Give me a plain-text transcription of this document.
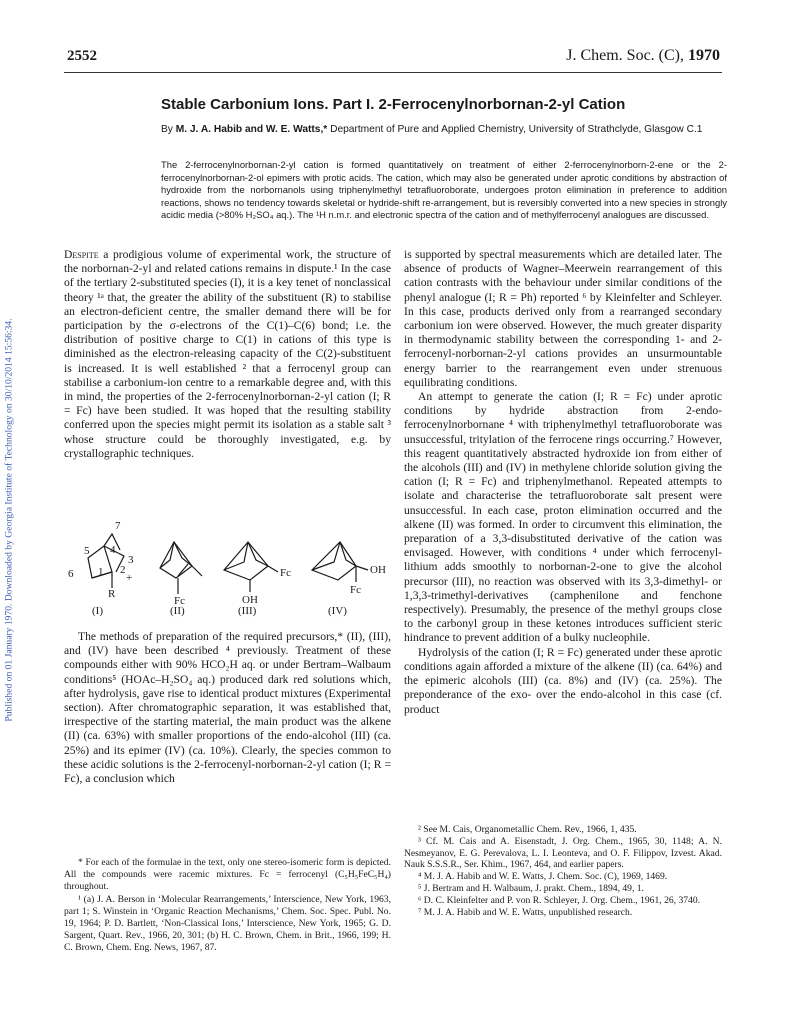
2552	J. Chem. Soc. (C), 1970
Published on 01 January 1970. Downloaded by Georgia Institute of Technology on 30/10/2014 15:56:34.
Stable Carbonium Ions. Part I. 2-Ferrocenylnorbornan-2-yl Cation
By M. J. A. Habib and W. E. Watts,* Department of Pure and Applied Chemistry, University of Strathclyde, Glasgow C.1
The 2-ferrocenylnorbornan-2-yl cation is formed quantitatively on treatment of either 2-ferrocenylnorborn-2-ene or the 2-ferrocenylnorbornan-2-ol epimers with protic acids. The cation, which may also be generated under aprotic conditions by abstraction of hydroxide from the norbornanols using triphenylmethyl tetrafluoroborate, undergoes proton elimination in preference to addition reactions, shows no tendency towards skeletal or hydride-shift re-arrangement, but is reversibly converted into a new species in strongly acidic media (>80% H₂SO₄ aq.). The ¹H n.m.r. and electronic spectra of the cation and of methylferrocenyl analogues are discussed.

Despite a prodigious volume of experimental work, the structure of the norbornan-2-yl and related cations remains in dispute.¹ In the case of the tertiary 2-substituted species (I), it is a key tenet of nonclassical theory ¹ᵃ that, the greater the ability of the substituent (R) to stabilise an electron-deficient centre, the smaller demand there will be for participation by the σ-electrons of the C(1)–C(6) bond; i.e. the distribution of positive charge to C(1) in cations of this type is diminished as the electron-releasing capacity of the C(2)-substituent is increased. It is well established ² that a ferrocenyl group can stabilise a carbonium-ion centre to a remarkable degree and, with this in mind, the properties of the 2-ferrocenylnorbornan-2-yl cation (I; R = Fc) have been studied. It was hoped that the resulting stability conferred upon the species might permit its isolation as a stable salt ³ whose structure could be thoroughly investigated, e.g. by crystallographic techniques.

7
5 4
3
6 1 2
+
R
Fc
Fc
OH
Fc
OH
(I)	(II)	(III)	(IV)

The methods of preparation of the required precursors,* (II), (III), and (IV) have been described ⁴ previously. Treatment of these compounds either with 90% HCO₂H aq. or under Bertram–Walbaum conditions⁵ (HOAc–H₂SO₄ aq.) produced dark red solutions which, after hydrolysis, gave rise to identical product mixtures (Experimental section). After chromatographic separation, it was established that, irrespective of the starting material, the main product was the alkene (II) (ca. 63%) with smaller proportions of the endo-alcohol (III) (ca. 25%) and its epimer (IV) (ca. 10%). Clearly, the species common to these acidic solutions is the 2-ferrocenyl-norbornan-2-yl cation (I; R = Fc), a conclusion which

* For each of the formulae in the text, only one stereo-isomeric form is depicted. All the compounds were racemic mixtures. Fc = ferrocenyl (C₅H₅FeC₅H₄) throughout.

¹ (a) J. A. Berson in ‘Molecular Rearrangements,’ Interscience, New York, 1963, part 1; S. Winstein in ‘Organic Reaction Mechanisms,’ Chem. Soc. Spec. Publ. No. 19, 1964; P. D. Bartlett, ‘Non-Classical Ions,’ Interscience, New York, 1965; G. D. Sargent, Quart. Rev., 1966, 20, 301; (b) H. C. Brown, Chem. in Brit., 1966, 199; H. C. Brown, Chem. Eng. News, 1967, 87.

is supported by spectral measurements which are detailed later. The absence of products of Wagner–Meerwein rearrangement of this cation contrasts with the behaviour under similar conditions of the phenyl analogue (I; R = Ph) reported ⁶ by Kleinfelter and Schleyer. In this case, products derived only from a rearranged secondary carbonium ion were observed. However, the much greater disparity in thermodynamic stability between the corresponding 1- and 2-ferrocenyl-norbornan-2-yl cations provides an unsurmountable energy barrier to the rearrangement even under strenuous equilibrating conditions.

An attempt to generate the cation (I; R = Fc) under aprotic conditions by hydride abstraction from 2-endo-ferrocenylnorbornane ⁴ with triphenylmethyl tetrafluoroborate was unsuccessful, tritylation of the ferrocene rings occurring.⁷ However, this reagent quantitatively abstracted hydroxide ion from either of the alcohols (III) and (IV) in methylene chloride solution giving the cation (I; R = Fc) and triphenylmethanol. Repeated attempts to isolate and characterise the tetrafluoroborate salt present were unsuccessful. In each case, proton elimination occurred and the alkene (II) was formed. In order to circumvent this elimination, the preparation of a 3,3-disubstituted derivative of the cation was envisaged. However, with conditions ⁴ under which ferrocenyl-lithium adds smoothly to norbornan-2-one to give the alcohol precursor (III), no reaction was observed with its 3,3-dimethyl- or 1,3,3-trimethyl-derivatives (camphenilone and fenchone respectively). Presumably, the presence of the methyl groups close to the carbonyl group in these ketones introduces sufficient steric hindrance to prevent addition of a bulky nucleophile.

Hydrolysis of the cation (I; R = Fc) generated under these aprotic conditions again afforded a mixture of the alkene (II) (ca. 64%) and the epimeric alcohols (III) (ca. 8%) and (IV) (ca. 25%). The preponderance of the exo- over the endo-alcohol in this case (cf. product

² See M. Cais, Organometallic Chem. Rev., 1966, 1, 435.

³ Cf. M. Cais and A. Eisenstadt, J. Org. Chem., 1965, 30, 1148; A. N. Nesmeyanov, E. G. Perevalova, L. I. Leonteva, and O. F. Filippov, Izvest. Akad. Nauk S.S.S.R., Ser. Khim., 1967, 464, and earlier papers.

⁴ M. J. A. Habib and W. E. Watts, J. Chem. Soc. (C), 1969, 1469.

⁵ J. Bertram and H. Walbaum, J. prakt. Chem., 1894, 49, 1.

⁶ D. C. Kleinfelter and P. von R. Schleyer, J. Org. Chem., 1961, 26, 3740.

⁷ M. J. A. Habib and W. E. Watts, unpublished research.
